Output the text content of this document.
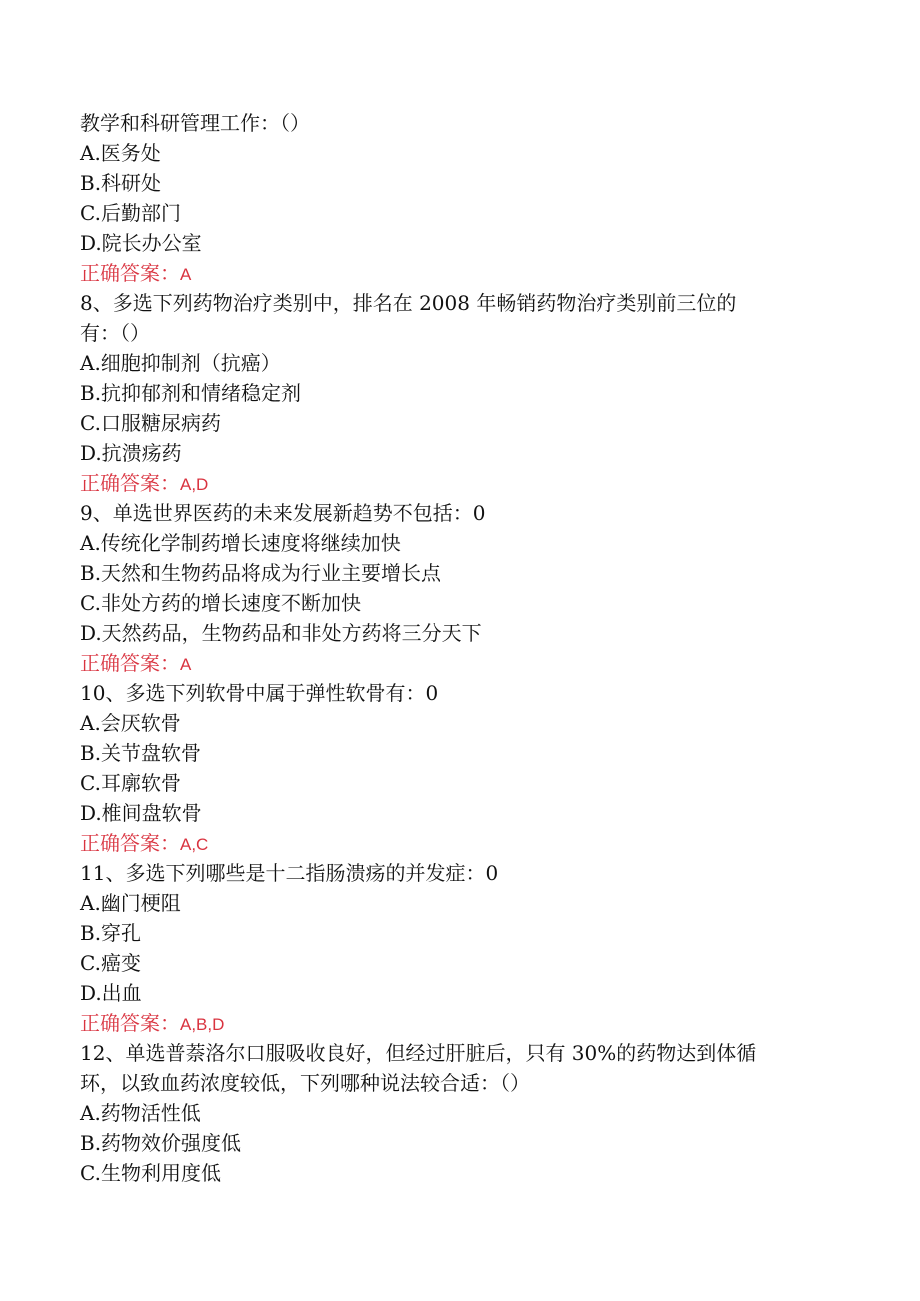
教学和科研管理工作：（）
A.医务处
B.科研处
C.后勤部门
D.院长办公室
正确答案：A
8、多选下列药物治疗类别中，排名在 2008 年畅销药物治疗类别前三位的
有：（）
A.细胞抑制剂（抗癌）
B.抗抑郁剂和情绪稳定剂
C.口服糖尿病药
D.抗溃疡药
正确答案：A,D
9、单选世界医药的未来发展新趋势不包括：0
A.传统化学制药增长速度将继续加快
B.天然和生物药品将成为行业主要增长点
C.非处方药的增长速度不断加快
D.天然药品，生物药品和非处方药将三分天下
正确答案：A
10、多选下列软骨中属于弹性软骨有：0
A.会厌软骨
B.关节盘软骨
C.耳廓软骨
D.椎间盘软骨
正确答案：A,C
11、多选下列哪些是十二指肠溃疡的并发症：0
A.幽门梗阻
B.穿孔
C.癌变
D.出血
正确答案：A,B,D
12、单选普萘洛尔口服吸收良好，但经过肝脏后，只有 30%的药物达到体循
环，以致血药浓度较低，下列哪种说法较合适：（）
A.药物活性低
B.药物效价强度低
C.生物利用度低
